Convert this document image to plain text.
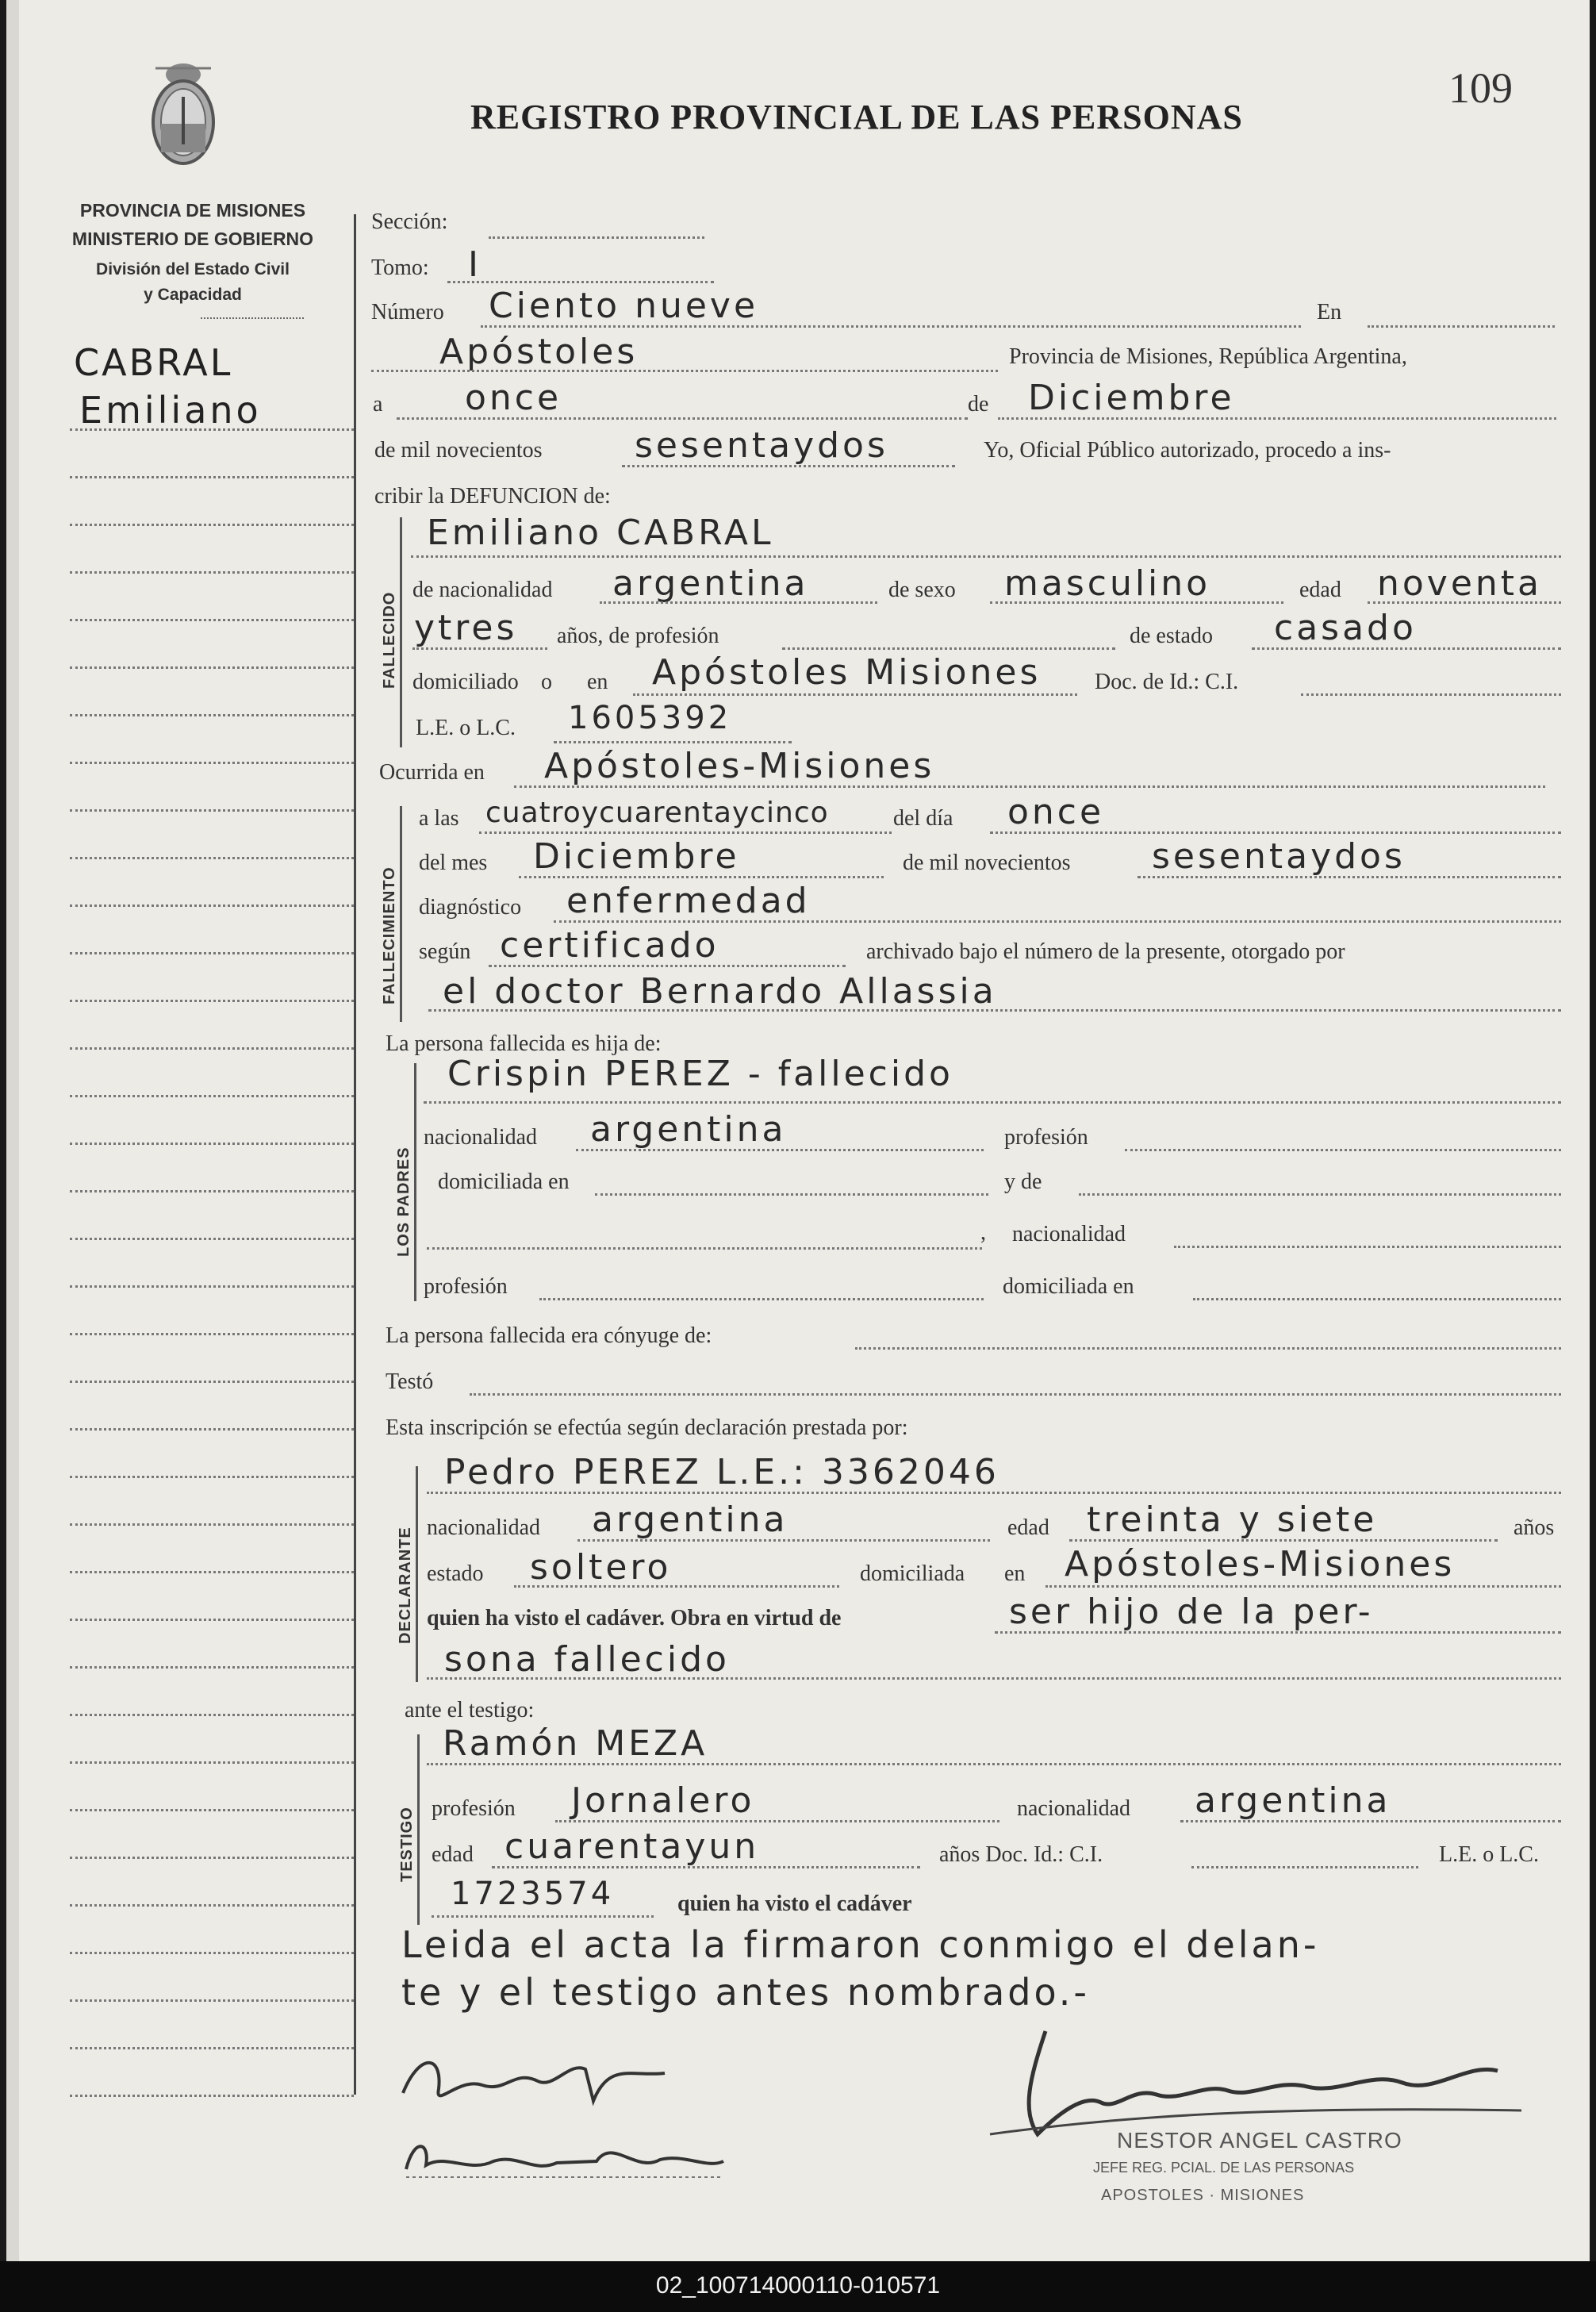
109
REGISTRO PROVINCIAL DE LAS PERSONAS
PROVINCIA DE MISIONES
MINISTERIO DE GOBIERNO
División del Estado Civil
y Capacidad
CABRAL
Emiliano
Sección:
Tomo: I
Número Ciento nueve	En
Apóstoles	Provincia de Misiones, República Argentina,
a once	de Diciembre
de mil novecientos	sesentaydos	Yo, Oficial Público autorizado, procedo a ins-
cribir la DEFUNCION de:
FALLECIDO
Emiliano CABRAL
de nacionalidad argentina	de sexo masculino	edad noventa
ytres años, de profesión	de estado casado
domiciliado o en Apóstoles Misiones Doc. de Id.: C.I.
L.E. o L.C. 1605392
Ocurrida en Apóstoles-Misiones
FALLECIMIENTO
a las cuatroycuarentaycinco	del día once
del mes Diciembre	de mil novecientos sesentaydos
diagnóstico enfermedad
según certificado	archivado bajo el número de la presente, otorgado por
el doctor Bernardo Allassia
La persona fallecida es hija de:
LOS PADRES
Crispin PEREZ - fallecido
nacionalidad argentina	profesión
domiciliada en	y de
, nacionalidad
profesión	domiciliada en
La persona fallecida era cónyuge de:
Testó
Esta inscripción se efectúa según declaración prestada por:
DECLARANTE
Pedro PEREZ L.E.: 3362046
nacionalidad argentina	edad treinta y siete	años
estado soltero	domiciliada en Apóstoles-Misiones
quien ha visto el cadáver. Obra en virtud de	ser hijo de la per-
sona fallecido
ante el testigo:
TESTIGO
Ramón MEZA
profesión Jornalero	nacionalidad argentina
edad cuarentayun	años Doc. Id.: C.I.	L.E. o L.C.
1723574	quien ha visto el cadáver
Leida el acta la firmaron conmigo el delan-
te y el testigo antes nombrado.-
NESTOR ANGEL CASTRO
JEFE REG. PCIAL. DE LAS PERSONAS
APOSTOLES · MISIONES
02_100714000110-010571
